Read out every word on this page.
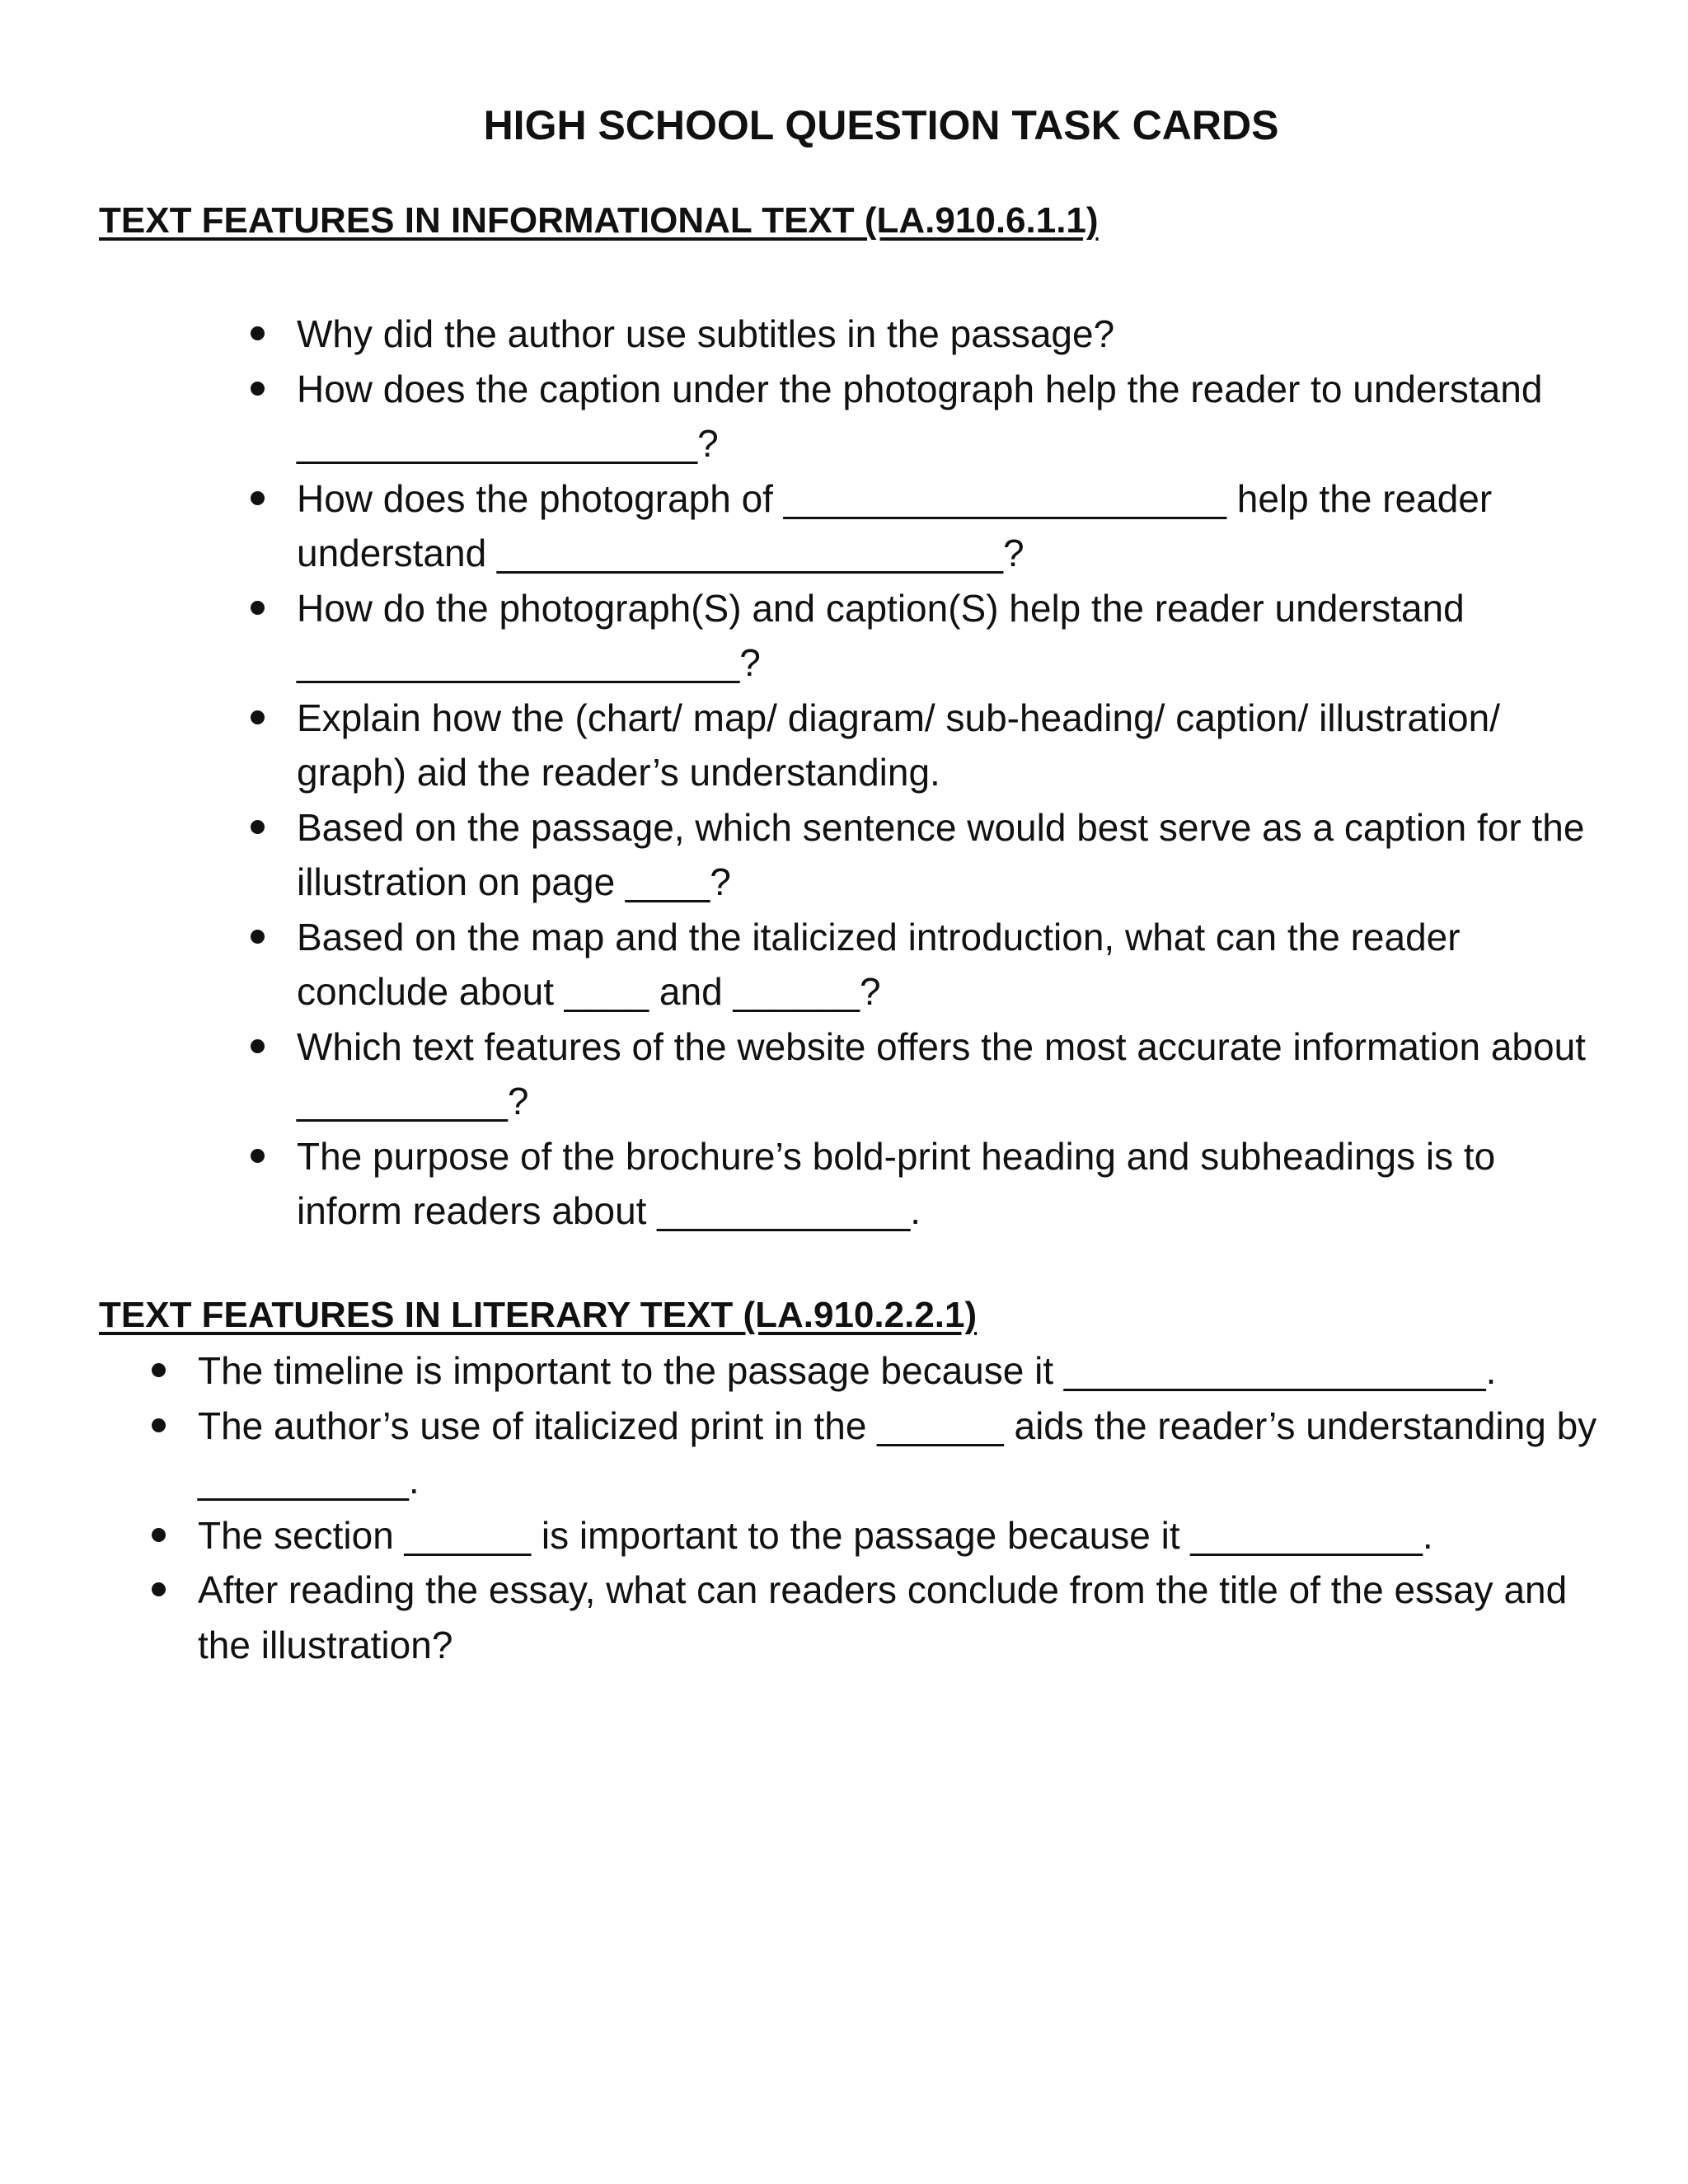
HIGH SCHOOL QUESTION TASK CARDS
TEXT FEATURES IN INFORMATIONAL TEXT (LA.910.6.1.1)
Why did the author use subtitles in the passage?
How does the caption under the photograph help the reader to understand ___________________?
How does the photograph of _____________________ help the reader understand ________________________?
How do the photograph(S) and caption(S) help the reader understand _____________________?
Explain how the (chart/ map/ diagram/ sub-heading/ caption/ illustration/ graph) aid the reader’s understanding.
Based on the passage, which sentence would best serve as a caption for the illustration on page ____?
Based on the map and the italicized introduction, what can the reader conclude about ____ and ______?
Which text features of the website offers the most accurate information about __________?
The purpose of the brochure’s bold-print heading and subheadings is to inform readers about ____________.
TEXT FEATURES IN LITERARY TEXT (LA.910.2.2.1)
The timeline is important to the passage because it ____________________.
The author’s use of italicized print in the ______ aids the reader’s understanding by __________.
The section ______ is important to the passage because it ___________.
After reading the essay, what can readers conclude from the title of the essay and the illustration?
